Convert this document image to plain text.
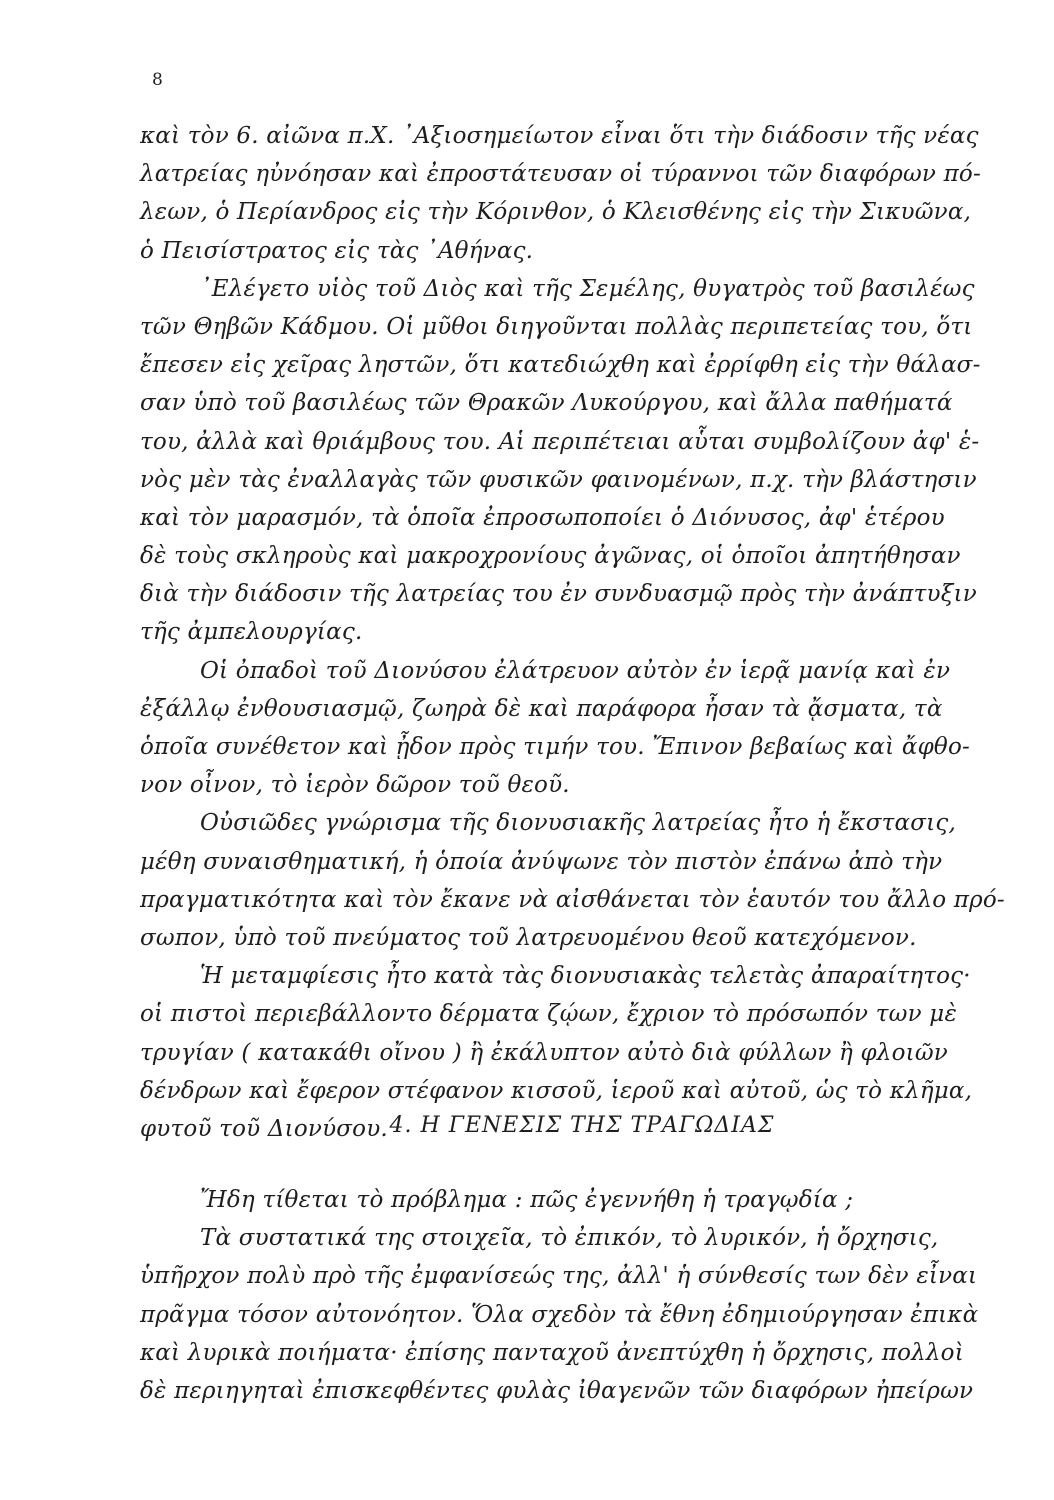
8
καὶ τὸν 6. αἰῶνα π.Χ. ᾿Αξιοσημείωτον εἶναι ὅτι τὴν διάδοσιν τῆς νέας
λατρείας ηὐνόησαν καὶ ἐπροστάτευσαν οἱ τύραννοι τῶν διαφόρων πό-
λεων, ὁ Περίανδρος εἰς τὴν Κόρινθον, ὁ Κλεισθένης εἰς τὴν Σικυῶνα,
ὁ Πεισίστρατος εἰς τὰς ᾿Αθήνας.
᾿Ελέγετο υἱὸς τοῦ Διὸς καὶ τῆς Σεμέλης, θυγατρὸς τοῦ βασιλέως
τῶν Θηβῶν Κάδμου. Οἱ μῦθοι διηγοῦνται πολλὰς περιπετείας του, ὅτι
ἔπεσεν εἰς χεῖρας ληστῶν, ὅτι κατεδιώχθη καὶ ἐρρίφθη εἰς τὴν θάλασ-
σαν ὑπὸ τοῦ βασιλέως τῶν Θρακῶν Λυκούργου, καὶ ἄλλα παθήματά
του, ἀλλὰ καὶ θριάμβους του. Αἱ περιπέτειαι αὗται συμβολίζουν ἀφ' ἑ-
νὸς μὲν τὰς ἐναλλαγὰς τῶν φυσικῶν φαινομένων, π.χ. τὴν βλάστησιν
καὶ τὸν μαρασμόν, τὰ ὁποῖα ἐπροσωποποίει ὁ Διόνυσος, ἀφ' ἑτέρου
δὲ τοὺς σκληροὺς καὶ μακροχρονίους ἀγῶνας, οἱ ὁποῖοι ἀπητήθησαν
διὰ τὴν διάδοσιν τῆς λατρείας του ἐν συνδυασμῷ πρὸς τὴν ἀνάπτυξιν
τῆς ἀμπελουργίας.
Οἱ ὀπαδοὶ τοῦ Διονύσου ἐλάτρευον αὐτὸν ἐν ἱερᾷ μανίᾳ καὶ ἐν
ἐξάλλῳ ἐνθουσιασμῷ, ζωηρὰ δὲ καὶ παράφορα ἦσαν τὰ ᾄσματα, τὰ
ὁποῖα συνέθετον καὶ ᾖδον πρὸς τιμήν του. Ἔπινον βεβαίως καὶ ἄφθο-
νον οἶνον, τὸ ἱερὸν δῶρον τοῦ θεοῦ.
Οὐσιῶδες γνώρισμα τῆς διονυσιακῆς λατρείας ἦτο ἡ ἔκστασις,
μέθη συναισθηματική, ἡ ὁποία ἀνύψωνε τὸν πιστὸν ἐπάνω ἀπὸ τὴν
πραγματικότητα καὶ τὸν ἔκανε νὰ αἰσθάνεται τὸν ἑαυτόν του ἄλλο πρό-
σωπον, ὑπὸ τοῦ πνεύματος τοῦ λατρευομένου θεοῦ κατεχόμενον.
Ἡ μεταμφίεσις ἦτο κατὰ τὰς διονυσιακὰς τελετὰς ἀπαραίτητος·
οἱ πιστοὶ περιεβάλλοντο δέρματα ζῴων, ἔχριον τὸ πρόσωπόν των μὲ
τρυγίαν ( κατακάθι οἴνου ) ἢ ἐκάλυπτον αὐτὸ διὰ φύλλων ἢ φλοιῶν
δένδρων καὶ ἔφερον στέφανον κισσοῦ, ἱεροῦ καὶ αὐτοῦ, ὡς τὸ κλῆμα,
φυτοῦ τοῦ Διονύσου. 4. Η ΓΕΝΕΣΙΣ ΤΗΣ ΤΡΑΓΩΔΙΑΣ
Ἤδη τίθεται τὸ πρόβλημα : πῶς ἐγεννήθη ἡ τραγῳδία ;
Τὰ συστατικά της στοιχεῖα, τὸ ἐπικόν, τὸ λυρικόν, ἡ ὄρχησις,
ὑπῆρχον πολὺ πρὸ τῆς ἐμφανίσεώς της, ἀλλ' ἡ σύνθεσίς των δὲν εἶναι
πρᾶγμα τόσον αὐτονόητον. Ὅλα σχεδὸν τὰ ἔθνη ἐδημιούργησαν ἐπικὰ
καὶ λυρικὰ ποιήματα· ἐπίσης πανταχοῦ ἀνεπτύχθη ἡ ὄρχησις, πολλοὶ
δὲ περιηγηταὶ ἐπισκεφθέντες φυλὰς ἰθαγενῶν τῶν διαφόρων ἠπείρων
